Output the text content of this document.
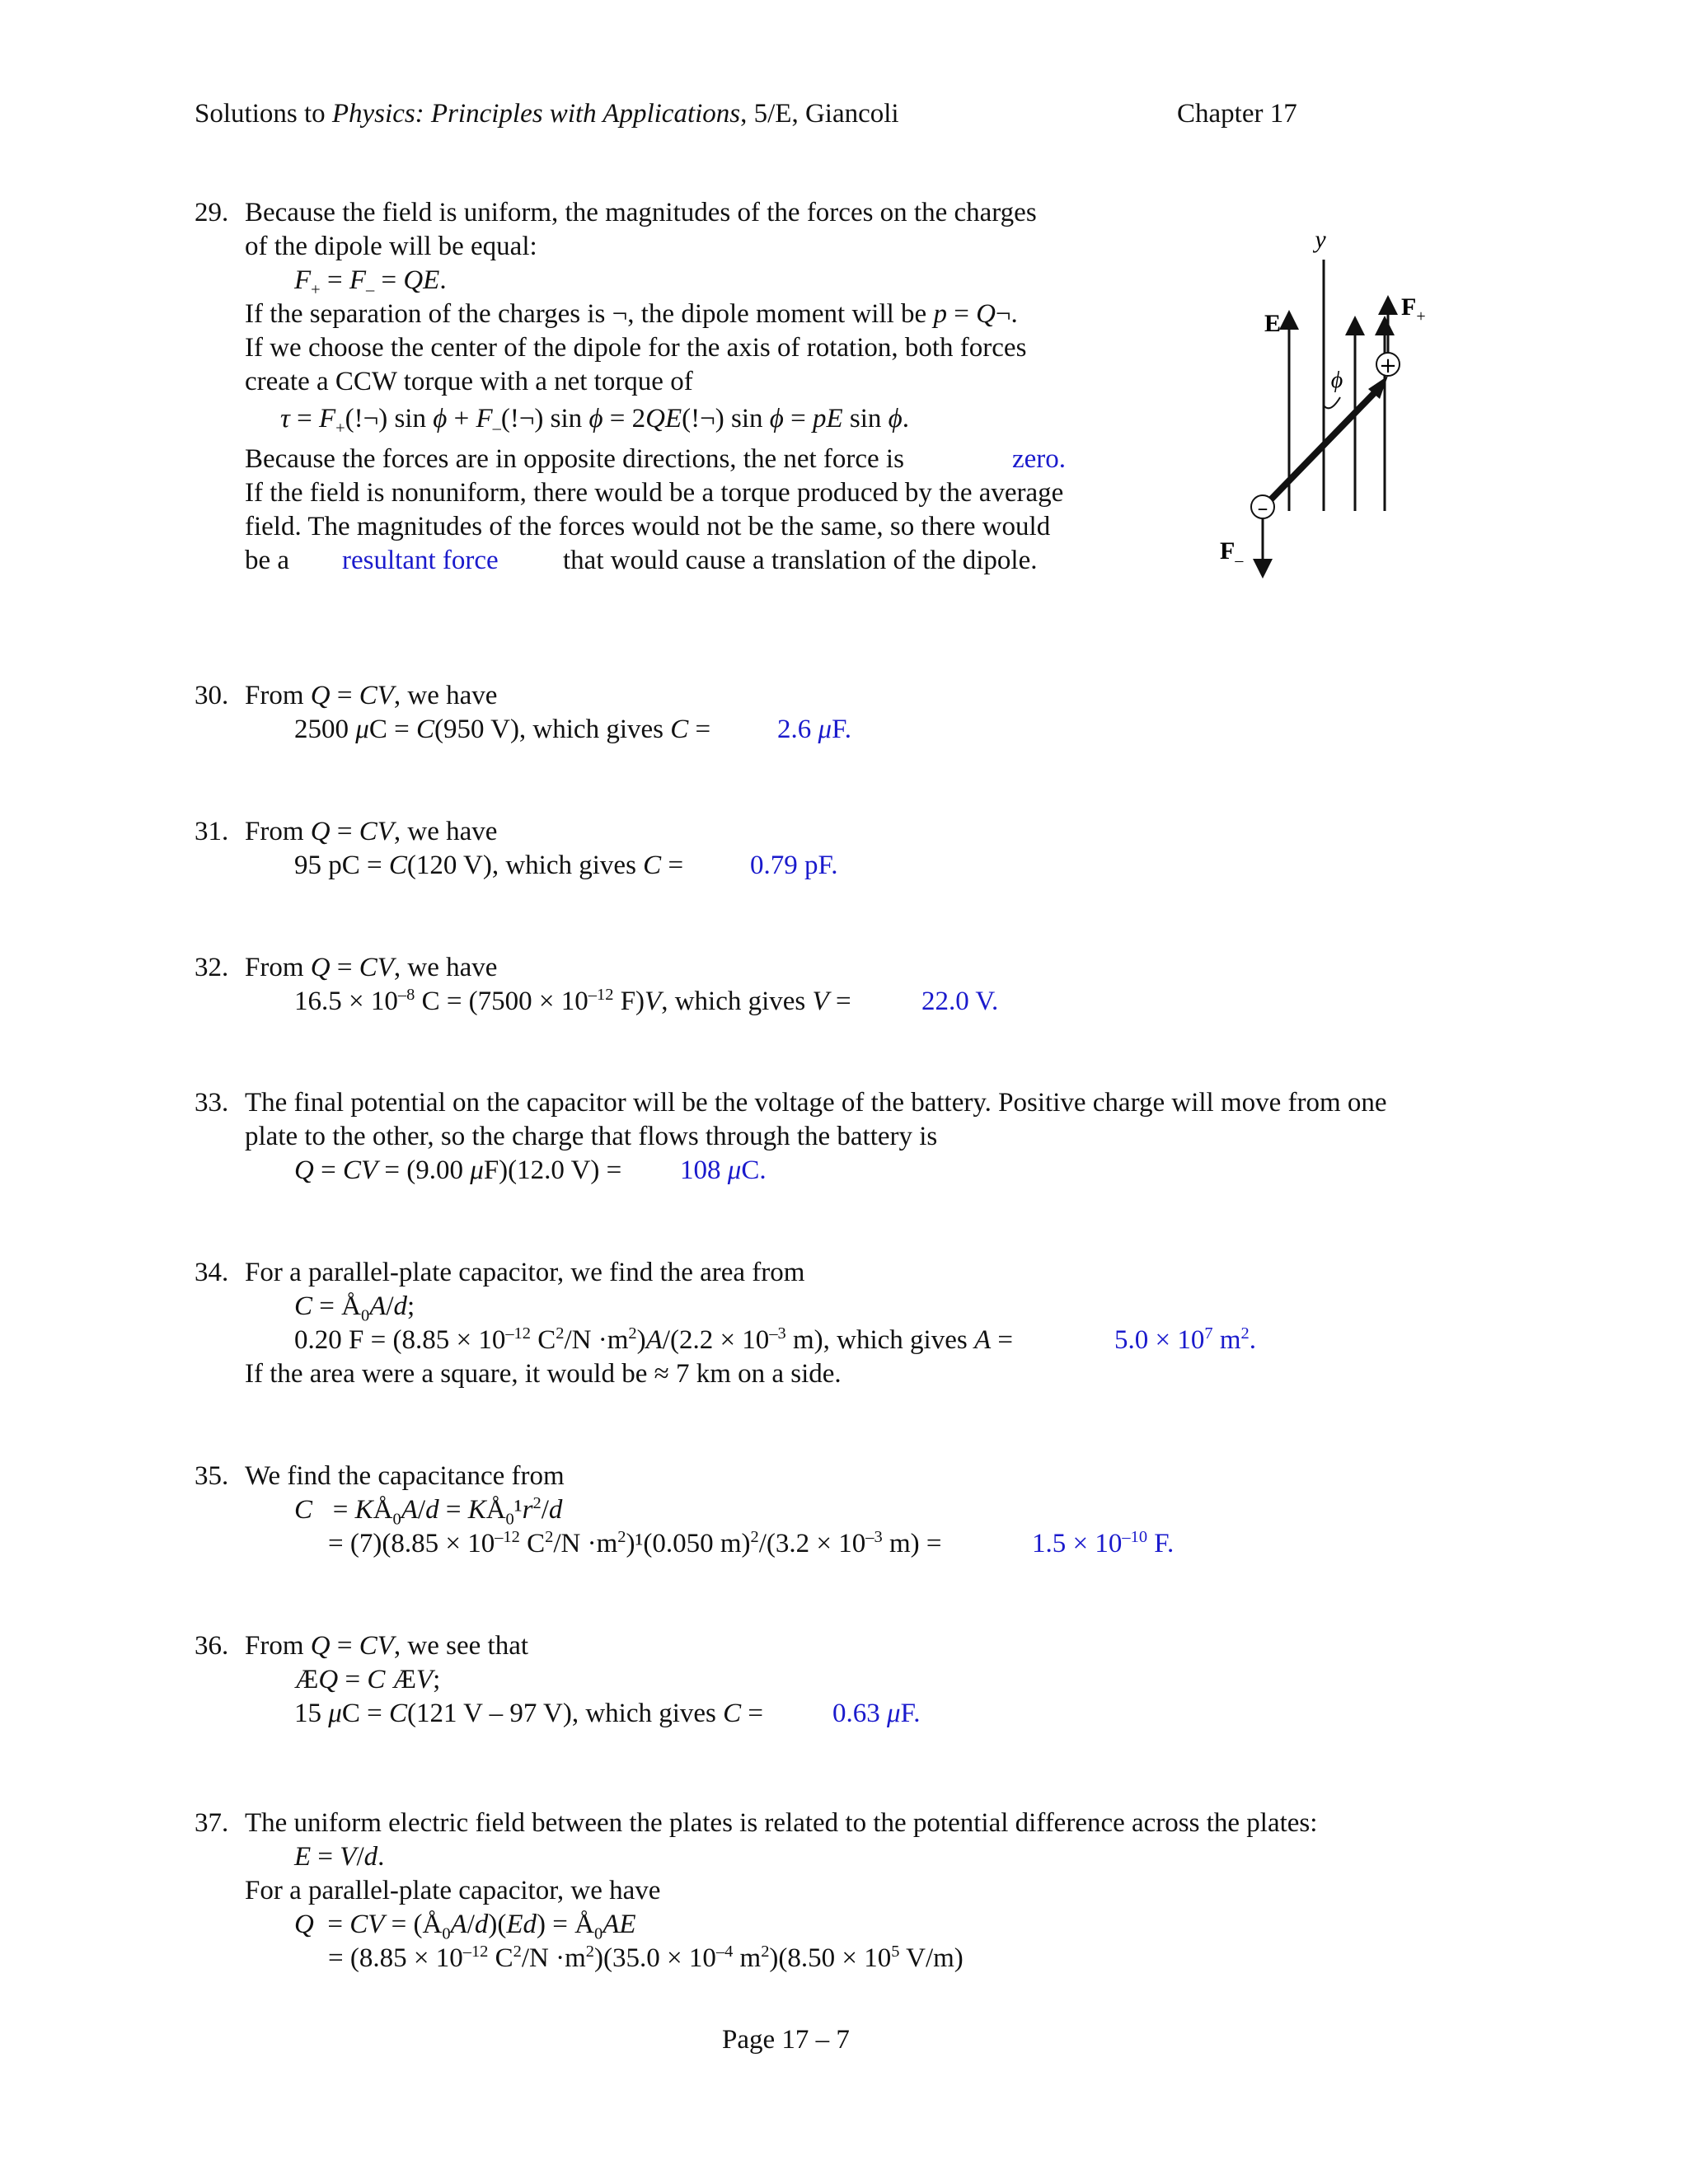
Solutions to Physics: Principles with Applications, 5/E, Giancoli	Chapter 17
29. Because the field is uniform, the magnitudes of the forces on the charges
of the dipole will be equal:
$F_+ = F_-$ = QE.
If the separation of the charges is ¬, the dipole moment will be p = Q¬.
If we choose the center of the dipole for the axis of rotation, both forces
create a CCW torque with a net torque of
$\tau = F_+(!\neg)$ $\sin \phi + F_-(!\neg)$ sin ϕ = 2QE(!¬) sin ϕ = pE sin ϕ.
Because the forces are in opposite directions, the net force is	zero.
If the field is nonuniform, there would be a torque produced by the average
field. The magnitudes of the forces would not be the same, so there would
be a resultant force that would cause a translation of the dipole.
y
E
ϕ
+
$F_+$
–
$F_-$
30. From Q = CV, we have
2500 μC = C(950 V), which gives C = 2.6 μF.
31. From Q = CV, we have
95 pC = C(120 V), which gives C = 0.79 pF.
32. From Q = CV, we have
$16.5 \times 10^{-8}$ $C = (7500 \times 10^{-12}$ F)V, which gives V =	22.0 V.
33. The final potential on the capacitor will be the voltage of the battery. Positive charge will move from one
plate to the other, so the charge that flows through the battery is
Q = CV = (9.00 μF)(12.0 V) = 108 μC.
34. For a parallel-plate capacitor, we find the area from
$C = Å_0A/d$;
0.20 $F = (8.85 \times 10^{-12}$ $C^2/N \cdot m^2)A/(2.2 \times 10^{-3}$ m), which gives A =	$5.0 \times 10^7$ $m^2$.
If the area were a square, it would be ≈ 7 km on a side.
35. We find the capacitance from
$C = KÅ_0A/d$ = $KÅ_0^1r^2/d$
= $(7)(8.85 \times 10^{-12}$ $C^2/N \cdot m^2)^1(0.050$ $m)^2/(3.2 \times 10^{-3}$ m) =	$1.5 \times 10^{-10}$ F.
36. From Q = CV, we see that
ÆQ = C ÆV;
15 μC = C(121 V – 97 V), which gives C =	0.63 μF.
37. The uniform electric field between the plates is related to the potential difference across the plates:
E = V/d.
For a parallel-plate capacitor, we have
Q  = CV = $(Å_0A/d)(Ed)$ = $Å_0AE$
= ($8.85 \times 10^{-12}$ $C^2/N \cdot m^2)(35.0 \times 10^{-4}$ $m^2)(8.50 \times 10^5$ V/m)
Page 17 – 7
